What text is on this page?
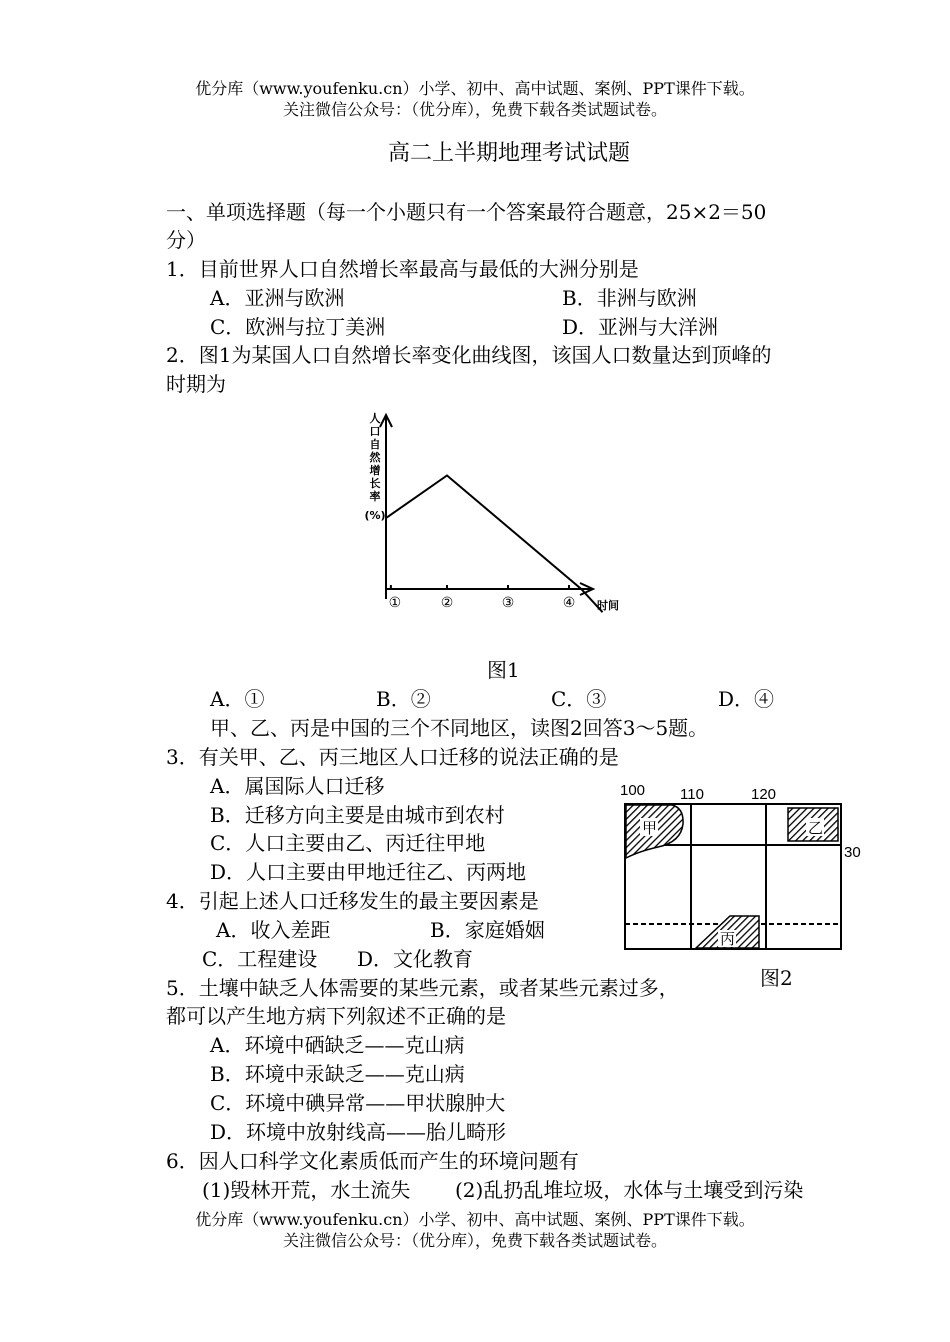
优分库（www.youfenku.cn）小学、初中、高中试题、案例、PPT课件下载。
关注微信公众号：（优分库），免费下载各类试题试卷。
高二上半期地理考试试题
一、单项选择题（每一个小题只有一个答案最符合题意，25×2＝50
分）
1．目前世界人口自然增长率最高与最低的大洲分别是
A．亚洲与欧洲	B．非洲与欧洲
C．欧洲与拉丁美洲	D．亚洲与大洋洲
2．图1为某国人口自然增长率变化曲线图，该国人口数量达到顶峰的
时期为
人口自然增长率
(%)
①	②	③	④ 时间
图1
A．①	B．②	C．③	D．④
甲、乙、丙是中国的三个不同地区，读图2回答3～5题。
3．有关甲、乙、丙三地区人口迁移的说法正确的是
A．属国际人口迁移
B．迁移方向主要是由城市到农村
C．人口主要由乙、丙迁往甲地
D．人口主要由甲地迁往乙、丙两地
4．引起上述人口迁移发生的最主要因素是
A．收入差距	B．家庭婚姻
C．工程建设 D．文化教育
100 110	120
30
甲	乙
丙
图2
5．土壤中缺乏人体需要的某些元素，或者某些元素过多，
都可以产生地方病下列叙述不正确的是
A．环境中硒缺乏——克山病
B．环境中汞缺乏——克山病
C．环境中碘异常——甲状腺肿大
D．环境中放射线高——胎儿畸形
6．因人口科学文化素质低而产生的环境问题有
(1)毁林开荒，水土流失 (2)乱扔乱堆垃圾，水体与土壤受到污染
优分库（www.youfenku.cn）小学、初中、高中试题、案例、PPT课件下载。
关注微信公众号：（优分库），免费下载各类试题试卷。
